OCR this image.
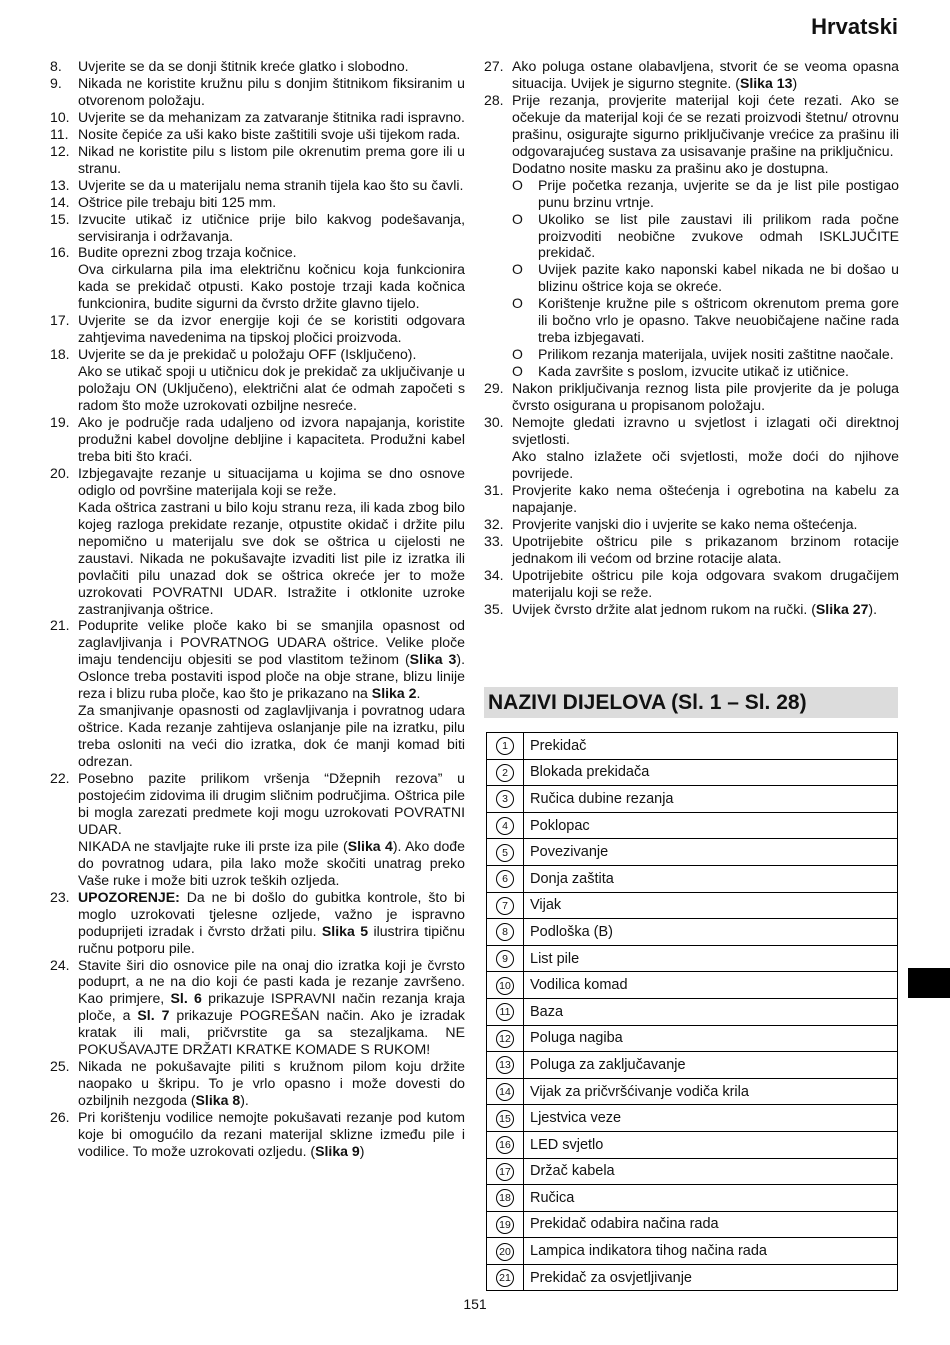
Hrvatski
8.	Uvjerite se da se donji štitnik kreće glatko i slobodno.
9.	Nikada ne koristite kružnu pilu s donjim štitnikom fiksiranim u otvorenom položaju.
10. Uvjerite se da mehanizam za zatvaranje štitnika radi ispravno.
11. Nosite čepiće za uši kako biste zaštitili svoje uši tijekom rada.
12. Nikad ne koristite pilu s listom pile okrenutim prema gore ili u stranu.
13. Uvjerite se da u materijalu nema stranih tijela kao što su čavli.
14. Oštrice pile trebaju biti 125 mm.
15. Izvucite utikač iz utičnice prije bilo kakvog podešavanja, servisiranja i održavanja.
16. Budite oprezni zbog trzaja kočnice.
Ova cirkularna pila ima električnu kočnicu koja funkcionira kada se prekidač otpusti. Kako postoje trzaji kada kočnica funkcionira, budite sigurni da čvrsto držite glavno tijelo.
17. Uvjerite se da izvor energije koji će se koristiti odgovara zahtjevima navedenima na tipskoj pločici proizvoda.
18. Uvjerite se da je prekidač u položaju OFF (Isključeno).
Ako se utikač spoji u utičnicu dok je prekidač za uključivanje u položaju ON (Uključeno), električni alat će odmah započeti s radom što može uzrokovati ozbiljne nesreće.
19. Ako je područje rada udaljeno od izvora napajanja, koristite produžni kabel dovoljne debljine i kapaciteta. Produžni kabel treba biti što kraći.
20. Izbjegavajte rezanje u situacijama u kojima se dno osnove odiglo od površine materijala koji se reže.
Kada oštrica zastrani u bilo koju stranu reza, ili kada zbog bilo kojeg razloga prekidate rezanje, otpustite okidač i držite pilu nepomično u materijalu sve dok se oštrica u cijelosti ne zaustavi. Nikada ne pokušavajte izvaditi list pile iz izratka ili povlačiti pilu unazad dok se oštrica okreće jer to može uzrokovati POVRATNI UDAR. Istražite i otklonite uzroke zastranjivanja oštrice.
21. Poduprite velike ploče kako bi se smanjila opasnost od zaglavljivanja i POVRATNOG UDARA oštrice. Velike ploče imaju tendenciju objesiti se pod vlastitom težinom (Slika 3). Oslonce treba postaviti ispod ploče na obje strane, blizu linije reza i blizu ruba ploče, kao što je prikazano na Slika 2.
Za smanjivanje opasnosti od zaglavljivanja i povratnog udara oštrice. Kada rezanje zahtijeva oslanjanje pile na izratku, pilu treba osloniti na veći dio izratka, dok će manji komad biti odrezan.
22. Posebno pazite prilikom vršenja “Džepnih rezova” u postojećim zidovima ili drugim sličnim područjima. Oštrica pile bi mogla zarezati predmete koji mogu uzrokovati POVRATNI UDAR.
NIKADA ne stavljajte ruke ili prste iza pile (Slika 4). Ako dođe do povratnog udara, pila lako može skočiti unatrag preko Vaše ruke i može biti uzrok teških ozljeda.
23. UPOZORENJE: Da ne bi došlo do gubitka kontrole, što bi moglo uzrokovati tjelesne ozljede, važno je ispravno poduprijeti izradak i čvrsto držati pilu. Slika 5 ilustrira tipičnu ručnu potporu pile.
24. Stavite širi dio osnovice pile na onaj dio izratka koji je čvrsto poduprt, a ne na dio koji će pasti kada je rezanje završeno. Kao primjere, Sl. 6 prikazuje ISPRAVNI način rezanja kraja ploče, a Sl. 7 prikazuje POGREŠAN način. Ako je izradak kratak ili mali, pričvrstite ga sa stezaljkama. NE POKUŠAVAJTE DRŽATI KRATKE KOMADE S RUKOM!
25. Nikada ne pokušavajte piliti s kružnom pilom koju držite naopako u škripu. To je vrlo opasno i može dovesti do ozbiljnih nezgoda (Slika 8).
26. Pri korištenju vodilice nemojte pokušavati rezanje pod kutom koje bi omogućilo da rezani materijal sklizne između pile i vodilice. To može uzrokovati ozljedu. (Slika 9)
27. Ako poluga ostane olabavljena, stvorit će se veoma opasna situacija. Uvijek je sigurno stegnite. (Slika 13)
28. Prije rezanja, provjerite materijal koji ćete rezati. Ako se očekuje da materijal koji će se rezati proizvodi štetnu/ otrovnu prašinu, osigurajte sigurno priključivanje vrećice za prašinu ili odgovarajućeg sustava za usisavanje prašine na priključnicu.
Dodatno nosite masku za prašinu ako je dostupna.
O	Prije početka rezanja, uvjerite se da je list pile postigao punu brzinu vrtnje.
O	Ukoliko se list pile zaustavi ili prilikom rada počne proizvoditi neobične zvukove odmah ISKLJUČITE prekidač.
O	Uvijek pazite kako naponski kabel nikada ne bi došao u blizinu oštrice koja se okreće.
O	Korištenje kružne pile s oštricom okrenutom prema gore ili bočno vrlo je opasno. Takve neuobičajene načine rada treba izbjegavati.
O	Prilikom rezanja materijala, uvijek nositi zaštitne naočale.
O	Kada završite s poslom, izvucite utikač iz utičnice.
29. Nakon priključivanja reznog lista pile provjerite da je poluga čvrsto osigurana u propisanom položaju.
30. Nemojte gledati izravno u svjetlost i izlagati oči direktnoj svjetlosti.
Ako stalno izlažete oči svjetlosti, može doći do njihove povrijede.
31. Provjerite kako nema oštećenja i ogrebotina na kabelu za napajanje.
32. Provjerite vanjski dio i uvjerite se kako nema oštećenja.
33. Upotrijebite oštricu pile s prikazanom brzinom rotacije jednakom ili većom od brzine rotacije alata.
34. Upotrijebite oštricu pile koja odgovara svakom drugačijem materijalu koji se reže.
35. Uvijek čvrsto držite alat jednom rukom na ručki. (Slika 27).
NAZIVI DIJELOVA (Sl. 1 – Sl. 28)
1	Prekidač
2	Blokada prekidača
3	Ručica dubine rezanja
4	Poklopac
5	Povezivanje
6	Donja zaštita
7	Vijak
8	Podloška (B)
9	List pile
10	Vodilica komad
11	Baza
12	Poluga nagiba
13	Poluga za zaključavanje
14	Vijak za pričvršćivanje vodiča krila
15	Ljestvica veze
16	LED svjetlo
17	Držač kabela
18	Ručica
19	Prekidač odabira načina rada
20	Lampica indikatora tihog načina rada
21	Prekidač za osvjetljivanje
151
